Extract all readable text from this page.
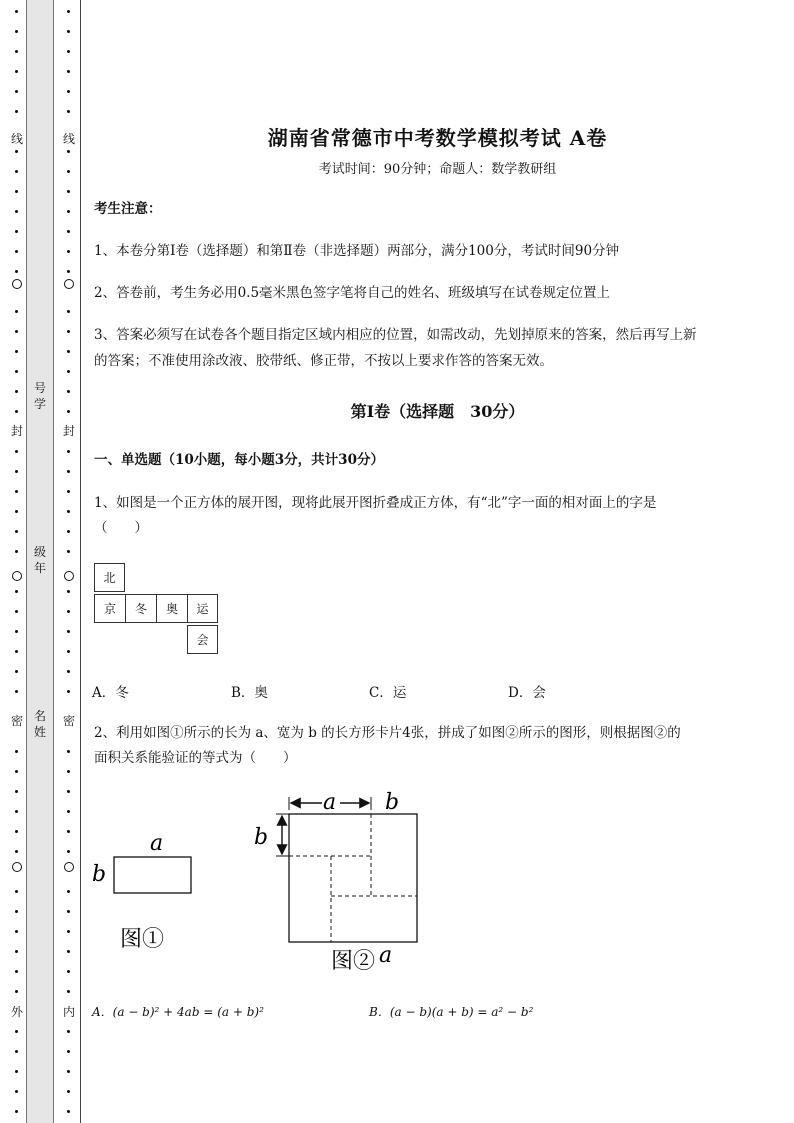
线
封
密
外
线
封
密
内
号学
级年
名姓
湖南省常德市中考数学模拟考试 A卷
考试时间：90分钟；命题人：数学教研组
考生注意：
1、本卷分第I卷（选择题）和第Ⅱ卷（非选择题）两部分，满分100分，考试时间90分钟
2、答卷前，考生务必用0.5毫米黑色签字笔将自己的姓名、班级填写在试卷规定位置上
3、答案必须写在试卷各个题目指定区域内相应的位置，如需改动，先划掉原来的答案，然后再写上新
的答案；不准使用涂改液、胶带纸、修正带，不按以上要求作答的答案无效。
第I卷（选择题　30分）
一、单选题（10小题，每小题3分，共计30分）
1、如图是一个正方体的展开图，现将此展开图折叠成正方体，有“北”字一面的相对面上的字是
（　　）
北
京	冬	奥	运
会
A．冬	B．奥	C．运	D．会
2、利用如图①所示的长为 a、宽为 b 的长方形卡片4张，拼成了如图②所示的图形，则根据图②的
面积关系能验证的等式为（　　）
a
b
图①
a b
b
图② a
A．(a − b)² + 4ab = (a + b)²	B．(a − b)(a + b) = a² − b²
